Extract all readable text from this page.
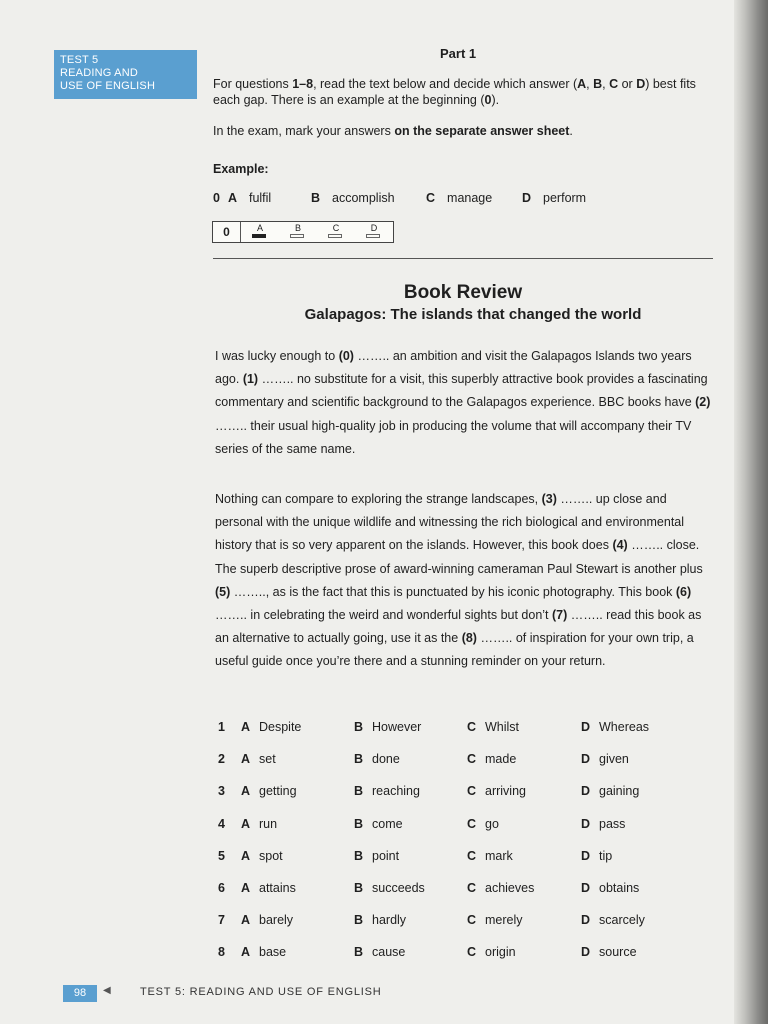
TEST 5
READING AND
USE OF ENGLISH
Part 1
For questions 1–8, read the text below and decide which answer (A, B, C or D) best fits each gap. There is an example at the beginning (0).
In the exam, mark your answers on the separate answer sheet.
Example:
0 A fulfil	B accomplish	C manage D perform
0	A	B	C	D
Book Review
Galapagos: The islands that changed the world

I was lucky enough to (0) …….. an ambition and visit the Galapagos Islands two years ago. (1) …….. no substitute for a visit, this superbly attractive book provides a fascinating commentary and scientific background to the Galapagos experience. BBC books have (2) …….. their usual high-quality job in producing the volume that will accompany their TV series of the same name.

Nothing can compare to exploring the strange landscapes, (3) …….. up close and personal with the unique wildlife and witnessing the rich biological and environmental history that is so very apparent on the islands. However, this book does (4) …….. close. The superb descriptive prose of award-winning cameraman Paul Stewart is another plus (5) …….., as is the fact that this is punctuated by his iconic photography. This book (6) …….. in celebrating the weird and wonderful sights but don’t (7) …….. read this book as an alternative to actually going, use it as the (8) …….. of inspiration for your own trip, a useful guide once you’re there and a stunning reminder on your return.

1 A Despite	B However	C Whilst	D Whereas
2 A set	B done	C made	D given
3 A getting	B reaching	C arriving	D gaining
4 A run	B come	C go	D pass
5 A spot	B point	C mark	D tip
6 A attains	B succeeds	C achieves	D obtains
7 A barely	B hardly	C merely	D scarcely
8 A base	B cause	C origin	D source
98	◀	TEST 5: READING AND USE OF ENGLISH
